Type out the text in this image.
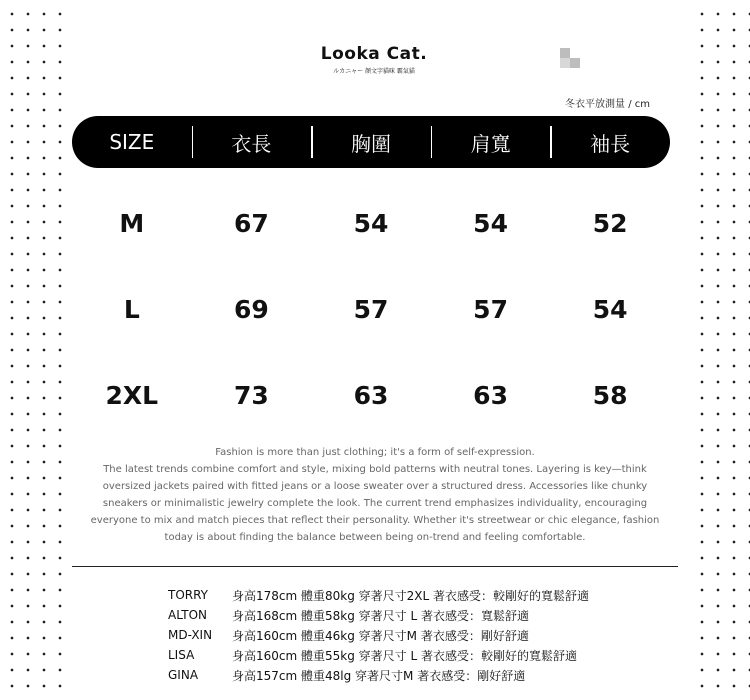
Looka Cat.
ルカニャー 顏文字貓咪 霸氣貓
冬衣平放測量 / cm
SIZE	衣長	胸圍	肩寬	袖長
M	67	54	54	52
L	69	57	57	54
2XL	73	63	63	58
Fashion is more than just clothing; it's a form of self-expression.
The latest trends combine comfort and style, mixing bold patterns with neutral tones. Layering is key—think
oversized jackets paired with fitted jeans or a loose sweater over a structured dress. Accessories like chunky
sneakers or minimalistic jewelry complete the look. The current trend emphasizes individuality, encouraging
everyone to mix and match pieces that reflect their personality. Whether it's streetwear or chic elegance, fashion
today is about finding the balance between being on-trend and feeling comfortable.
TORRY	身高178cm 體重80kg 穿著尺寸2XL 著衣感受：較剛好的寬鬆舒適
ALTON	身高168cm 體重58kg 穿著尺寸 L 著衣感受：寬鬆舒適
MD-XIN	身高160cm 體重46kg 穿著尺寸M 著衣感受：剛好舒適
LISA	身高160cm 體重55kg 穿著尺寸 L 著衣感受：較剛好的寬鬆舒適
GINA	身高157cm 體重48lg 穿著尺寸M 著衣感受：剛好舒適
